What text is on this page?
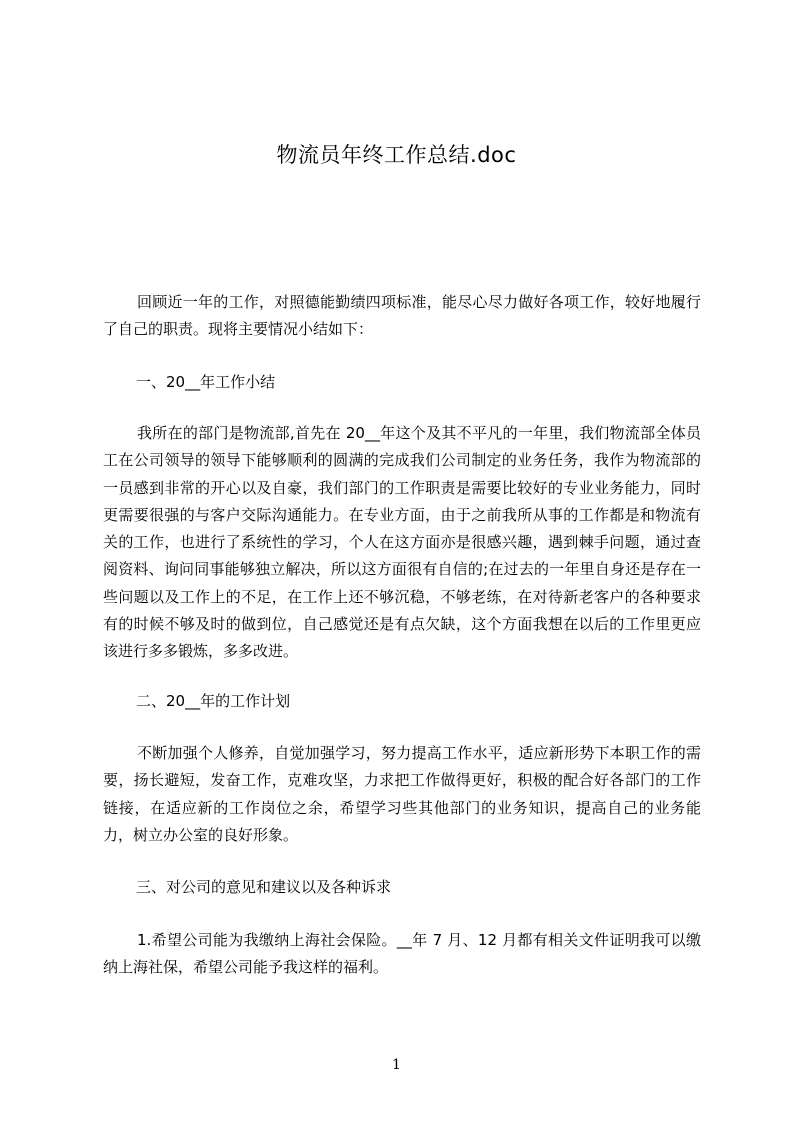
物流员年终工作总结.doc
回顾近一年的工作，对照德能勤绩四项标准，能尽心尽力做好各项工作，较好地履行了自己的职责。现将主要情况小结如下：
一、20__年工作小结
我所在的部门是物流部,首先在 20__年这个及其不平凡的一年里，我们物流部全体员工在公司领导的领导下能够顺利的圆满的完成我们公司制定的业务任务，我作为物流部的一员感到非常的开心以及自豪，我们部门的工作职责是需要比较好的专业业务能力，同时更需要很强的与客户交际沟通能力。在专业方面，由于之前我所从事的工作都是和物流有关的工作，也进行了系统性的学习，个人在这方面亦是很感兴趣，遇到棘手问题，通过查阅资料、询问同事能够独立解决，所以这方面很有自信的;在过去的一年里自身还是存在一些问题以及工作上的不足，在工作上还不够沉稳，不够老练，在对待新老客户的各种要求有的时候不够及时的做到位，自己感觉还是有点欠缺，这个方面我想在以后的工作里更应该进行多多锻炼，多多改进。
二、20__年的工作计划
不断加强个人修养，自觉加强学习，努力提高工作水平，适应新形势下本职工作的需要，扬长避短，发奋工作，克难攻坚，力求把工作做得更好，积极的配合好各部门的工作链接，在适应新的工作岗位之余，希望学习些其他部门的业务知识，提高自己的业务能力，树立办公室的良好形象。
三、对公司的意见和建议以及各种诉求
1.希望公司能为我缴纳上海社会保险。__年 7 月、12 月都有相关文件证明我可以缴纳上海社保，希望公司能予我这样的福利。
1
